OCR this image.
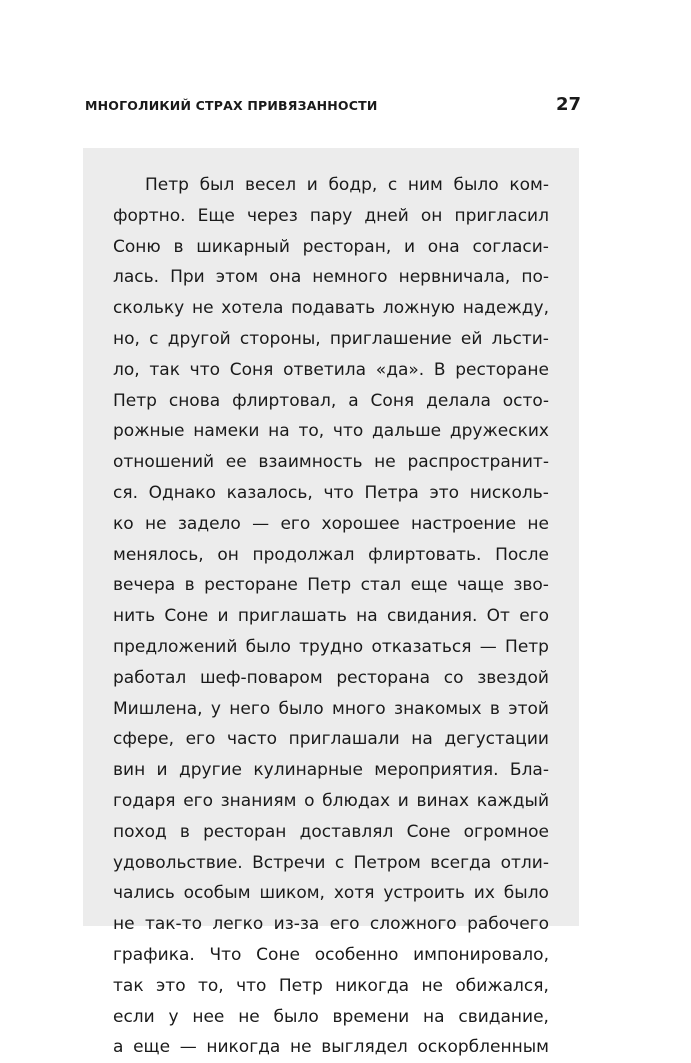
МНОГОЛИКИЙ СТРАХ ПРИВЯЗАННОСТИ	27
Петр был весел и бодр, с ним было ком-
фортно. Еще через пару дней он пригласил
Соню в шикарный ресторан, и она согласи-
лась. При этом она немного нервничала, по-
скольку не хотела подавать ложную надежду,
но, с другой стороны, приглашение ей льсти-
ло, так что Соня ответила «да». В ресторане
Петр снова флиртовал, а Соня делала осто-
рожные намеки на то, что дальше дружеских
отношений ее взаимность не распространит-
ся. Однако казалось, что Петра это нисколь-
ко не задело — его хорошее настроение не
менялось, он продолжал флиртовать. После
вечера в ресторане Петр стал еще чаще зво-
нить Соне и приглашать на свидания. От его
предложений было трудно отказаться — Петр
работал шеф-поваром ресторана со звездой
Мишлена, у него было много знакомых в этой
сфере, его часто приглашали на дегустации
вин и другие кулинарные мероприятия. Бла-
годаря его знаниям о блюдах и винах каждый
поход в ресторан доставлял Соне огромное
удовольствие. Встречи с Петром всегда отли-
чались особым шиком, хотя устроить их было
не так-то легко из-за его сложного рабочего
графика. Что Соне особенно импонировало,
так это то, что Петр никогда не обижался,
если у нее не было времени на свидание,
а еще — никогда не выглядел оскорбленным
